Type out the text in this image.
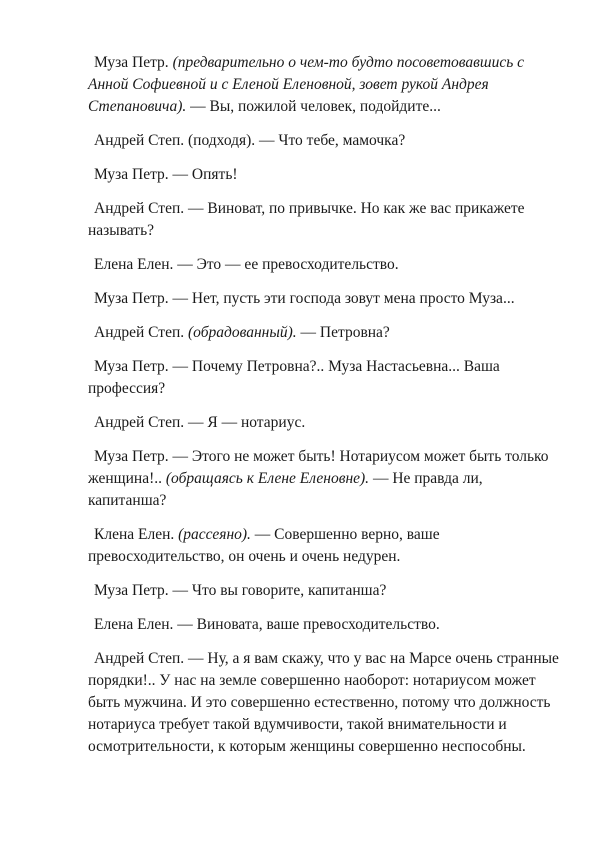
Муза Петр. (предварительно о чем-то будто посоветовавшись с Анной Софиевной и с Еленой Еленовной, зовет рукой Андрея Степановича). — Вы, пожилой человек, подойдите...

Андрей Степ. (подходя). — Что тебе, мамочка?

Муза Петр. — Опять!

Андрей Степ. — Виноват, по привычке. Но как же вас прикажете называть?

Елена Елен. — Это — ее превосходительство.

Муза Петр. — Нет, пусть эти господа зовут мена просто Муза...

Андрей Степ. (обрадованный). — Петровна?

Муза Петр. — Почему Петровна?.. Муза Настасьевна... Ваша профессия?

Андрей Степ. — Я — нотариус.

Муза Петр. — Этого не может быть! Нотариусом может быть только женщина!.. (обращаясь к Елене Еленовне). — Не правда ли, капитанша?

Клена Елен. (рассеяно). — Совершенно верно, ваше превосходительство, он очень и очень недурен.

Муза Петр. — Что вы говорите, капитанша?

Елена Елен. — Виновата, ваше превосходительство.

Андрей Степ. — Ну, а я вам скажу, что у вас на Марсе очень странные порядки!.. У нас на земле совершенно наоборот: нотариусом может быть мужчина. И это совершенно естественно, потому что должность нотариуса требует такой вдумчивости, такой внимательности и осмотрительности, к которым женщины совершенно неспособны.
